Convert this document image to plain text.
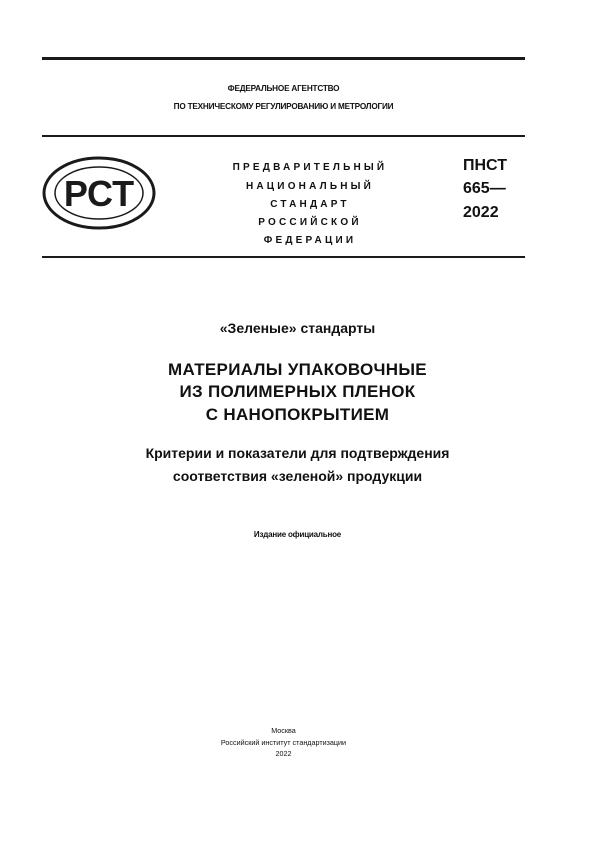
ФЕДЕРАЛЬНОЕ АГЕНТСТВО
ПО ТЕХНИЧЕСКОМУ РЕГУЛИРОВАНИЮ И МЕТРОЛОГИИ
РСТ
ПРЕДВАРИТЕЛЬНЫЙ
НАЦИОНАЛЬНЫЙ
СТАНДАРТ
РОССИЙСКОЙ
ФЕДЕРАЦИИ
ПНСТ
665—
2022
«Зеленые» стандарты
МАТЕРИАЛЫ УПАКОВОЧНЫЕ
ИЗ ПОЛИМЕРНЫХ ПЛЕНОК
С НАНОПОКРЫТИЕМ
Критерии и показатели для подтверждения
соответствия «зеленой» продукции
Издание официальное
Москва
Российский институт стандартизации
2022
